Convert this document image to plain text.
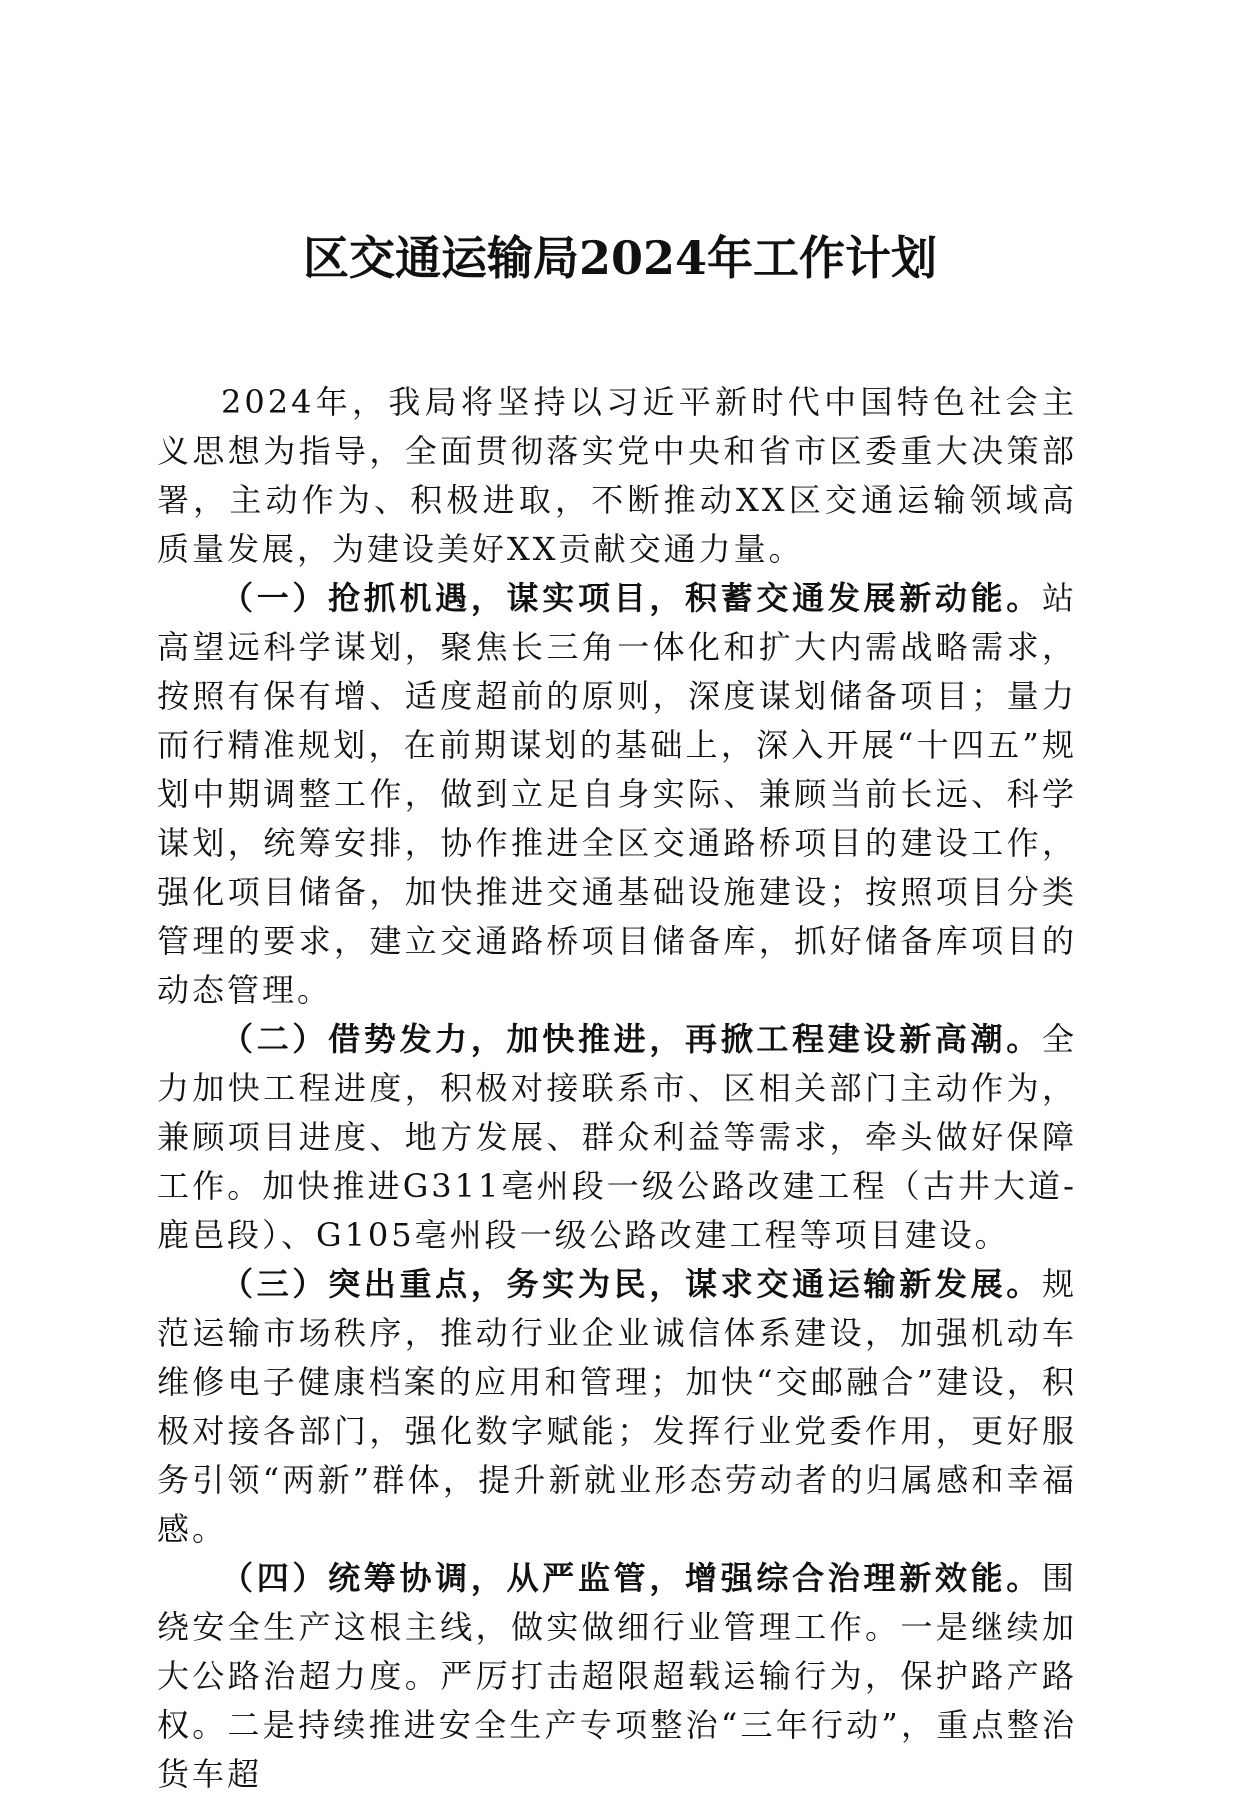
区交通运输局2024年工作计划

2024年，我局将坚持以习近平新时代中国特色社会主义思想为指导，全面贯彻落实党中央和省市区委重大决策部署，主动作为、积极进取，不断推动XX区交通运输领域高质量发展，为建设美好XX贡献交通力量。

（一）抢抓机遇，谋实项目，积蓄交通发展新动能。站高望远科学谋划，聚焦长三角一体化和扩大内需战略需求，按照有保有增、适度超前的原则，深度谋划储备项目；量力而行精准规划，在前期谋划的基础上，深入开展“十四五”规划中期调整工作，做到立足自身实际、兼顾当前长远、科学谋划，统筹安排，协作推进全区交通路桥项目的建设工作，强化项目储备，加快推进交通基础设施建设；按照项目分类管理的要求，建立交通路桥项目储备库，抓好储备库项目的动态管理。

（二）借势发力，加快推进，再掀工程建设新高潮。全力加快工程进度，积极对接联系市、区相关部门主动作为，兼顾项目进度、地方发展、群众利益等需求，牵头做好保障工作。加快推进G311亳州段一级公路改建工程（古井大道-鹿邑段）、G105亳州段一级公路改建工程等项目建设。

（三）突出重点，务实为民，谋求交通运输新发展。规范运输市场秩序，推动行业企业诚信体系建设，加强机动车维修电子健康档案的应用和管理；加快“交邮融合”建设，积极对接各部门，强化数字赋能；发挥行业党委作用，更好服务引领“两新”群体，提升新就业形态劳动者的归属感和幸福感。

（四）统筹协调，从严监管，增强综合治理新效能。围绕安全生产这根主线，做实做细行业管理工作。一是继续加大公路治超力度。严厉打击超限超载运输行为，保护路产路权。二是持续推进安全生产专项整治“三年行动”，重点整治货车超
